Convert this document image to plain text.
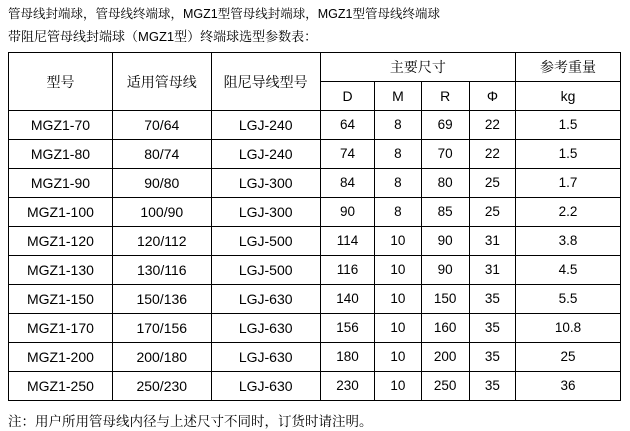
管母线封端球，管母线终端球，MGZ1型管母线封端球，MGZ1型管母线终端球
带阻尼管母线封端球（MGZ1型）终端球选型参数表：
型号	适用管母线	阻尼导线型号	主要尺寸				参考重量
			D	M	R	Φ	kg
MGZ1-70	70/64	LGJ-240	64	8	69	22	1.5
MGZ1-80	80/74	LGJ-240	74	8	70	22	1.5
MGZ1-90	90/80	LGJ-300	84	8	80	25	1.7
MGZ1-100	100/90	LGJ-300	90	8	85	25	2.2
MGZ1-120	120/112	LGJ-500	114	10	90	31	3.8
MGZ1-130	130/116	LGJ-500	116	10	90	31	4.5
MGZ1-150	150/136	LGJ-630	140	10	150	35	5.5
MGZ1-170	170/156	LGJ-630	156	10	160	35	10.8
MGZ1-200	200/180	LGJ-630	180	10	200	35	25
MGZ1-250	250/230	LGJ-630	230	10	250	35	36
注：用户所用管母线内径与上述尺寸不同时，订货时请注明。
